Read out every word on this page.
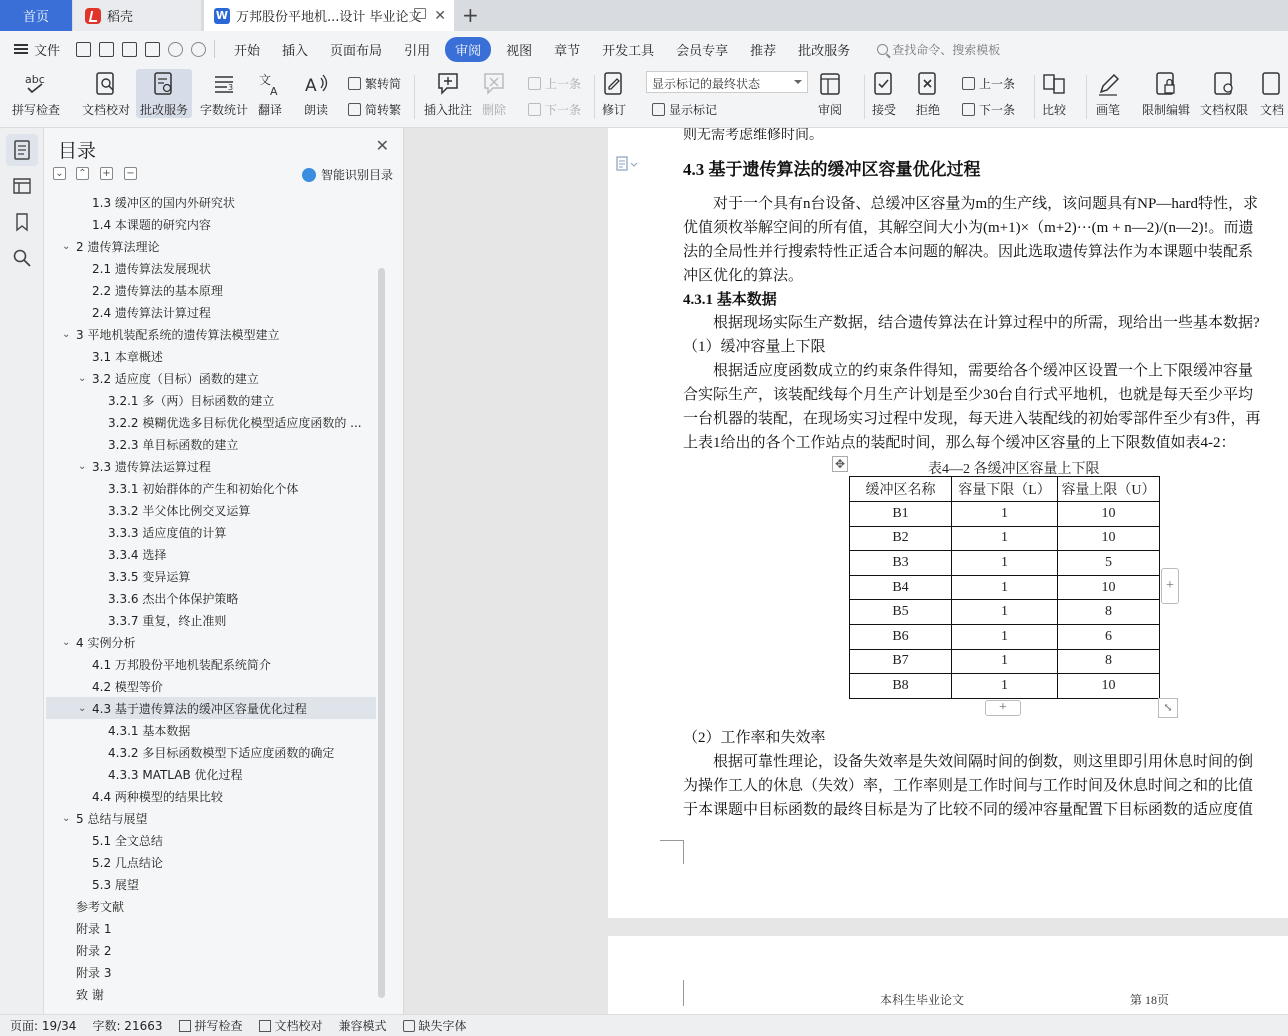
首页	稻壳	W 万邦股份平地机...设计 毕业论文 ✕ +
文件	开始 插入 页面布局 引用	审阅	视图 章节 开发工具 会员专享 推荐 批改服务	查找命令、搜索模板
abc
拼写检查 文档校对 批改服务
3
字数统计
文
A
翻译
A
朗读
繁转简
简转繁 插入批注 删除
上一条
下一条 修订
显示标记的最终状态
显示标记	审阅 接受 拒绝
上一条
下一条 比较 画笔 限制编辑 文档权限 文档
目录	✕
⌄ ⌃ + −	智能识别目录
1.3 缓冲区的国内外研究状
1.4 本课题的研究内容
⌄ 2 遗传算法理论
2.1 遗传算法发展现状
2.2 遗传算法的基本原理
2.4 遗传算法计算过程
⌄ 3 平地机装配系统的遗传算法模型建立
3.1 本章概述
⌄ 3.2 适应度（目标）函数的建立
3.2.1 多（两）目标函数的建立
3.2.2 模糊优选多目标优化模型适应度函数的 ...
3.2.3 单目标函数的建立
⌄ 3.3 遗传算法运算过程
3.3.1 初始群体的产生和初始化个体
3.3.2 半父体比例交叉运算
3.3.3 适应度值的计算
3.3.4 选择
3.3.5 变异运算
3.3.6 杰出个体保护策略
3.3.7 重复，终止准则
⌄ 4 实例分析
4.1 万邦股份平地机装配系统简介
4.2 模型等价
⌄ 4.3 基于遗传算法的缓冲区容量优化过程
4.3.1 基本数据
4.3.2 多目标函数模型下适应度函数的确定
4.3.3 MATLAB 优化过程
4.4 两种模型的结果比较
⌄ 5 总结与展望
5.1 全文总结
5.2 几点结论
5.3 展望
参考文献
附录 1
附录 2
附录 3
致 谢
则无需考虑维修时间。
4.3 基于遗传算法的缓冲区容量优化过程
　　对于一个具有n台设备、总缓冲区容量为m的生产线，该问题具有NP—hard特性，求
优值须枚举解空间的所有值，其解空间大小为(m+1)×（m+2)···(m + n—2)/(n—2)!。而遗
法的全局性并行搜索特性正适合本问题的解决。因此选取遗传算法作为本课题中装配系
冲区优化的算法。
4.3.1 基本数据
　　根据现场实际生产数据，结合遗传算法在计算过程中的所需，现给出一些基本数据?
（1）缓冲容量上下限
　　根据适应度函数成立的约束条件得知，需要给各个缓冲区设置一个上下限缓冲容量
合实际生产，该装配线每个月生产计划是至少30台自行式平地机，也就是每天至少平均
一台机器的装配，在现场实习过程中发现，每天进入装配线的初始零部件至少有3件，再
上表1给出的各个工作站点的装配时间，那么每个缓冲区容量的上下限数值如表4-2：
✥	表4—2 各缓冲区容量上下限
缓冲区名称	容量下限（L）	容量上限（U）
B1	1	10
B2	1	10
B3	1	5
B4	1	10
B5	1	8
B6	1	6
B7	1	8
B8	1	10
+
+	⤡
（2）工作率和失效率
　　根据可靠性理论，设备失效率是失效间隔时间的倒数，则这里即引用休息时间的倒
为操作工人的休息（失效）率，工作率则是工作时间与工作时间及休息时间之和的比值
于本课题中目标函数的最终目标是为了比较不同的缓冲容量配置下目标函数的适应度值
本科生毕业论文	第 18页
页面: 19/34 字数: 21663	拼写检查	文档校对 兼容模式	缺失字体
